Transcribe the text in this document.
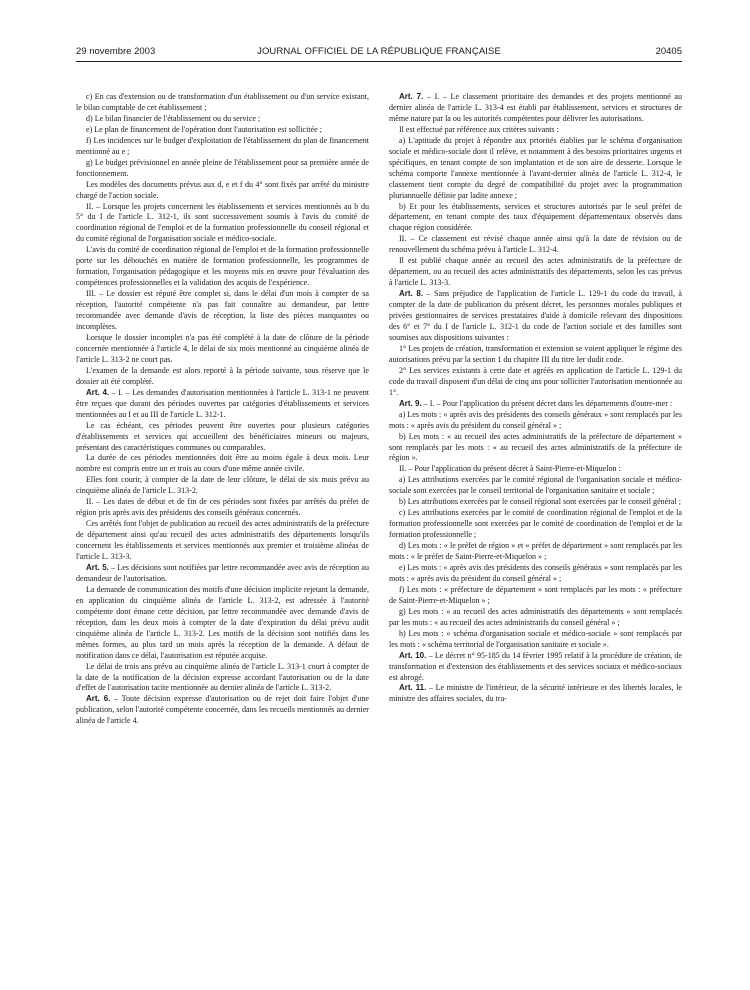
29 novembre 2003	JOURNAL OFFICIEL DE LA RÉPUBLIQUE FRANÇAISE	20405

c) En cas d'extension ou de transformation d'un établissement ou d'un service existant, le bilan comptable de cet établissement ;

d) Le bilan financier de l'établissement ou du service ;

e) Le plan de financement de l'opération dont l'autorisation est sollicitée ;

f) Les incidences sur le budget d'exploitation de l'établissement du plan de financement mentionné au e ;

g) Le budget prévisionnel en année pleine de l'établissement pour sa première année de fonctionnement.

Les modèles des documents prévus aux d, e et f du 4° sont fixés par arrêté du ministre chargé de l'action sociale.

II. – Lorsque les projets concernent les établissements et services mentionnés au b du 5° du I de l'article L. 312-1, ils sont successivement soumis à l'avis du comité de coordination régional de l'emploi et de la formation professionnelle du conseil régional et du comité régional de l'organisation sociale et médico-sociale.

L'avis du comité de coordination régional de l'emploi et de la formation professionnelle porte sur les débouchés en matière de formation professionnelle, les programmes de formation, l'organisation pédagogique et les moyens mis en œuvre pour l'évaluation des compétences professionnelles et la validation des acquis de l'expérience.

III. – Le dossier est réputé être complet si, dans le délai d'un mois à compter de sa réception, l'autorité compétente n'a pas fait connaître au demandeur, par lettre recommandée avec demande d'avis de réception, la liste des pièces manquantes ou incomplètes.

Lorsque le dossier incomplet n'a pas été complété à la date de clôture de la période concernée mentionnée à l'article 4, le délai de six mois mentionné au cinquième alinéa de l'article L. 313-2 ne court pas.

L'examen de la demande est alors reporté à la période suivante, sous réserve que le dossier ait été complété.

Art. 4. – I. – Les demandes d'autorisation mentionnées à l'article L. 313-1 ne peuvent être reçues que durant des périodes ouvertes par catégories d'établissements et services mentionnées au I et au III de l'article L. 312-1.

Le cas échéant, ces périodes peuvent être ouvertes pour plusieurs catégories d'établissements et services qui accueillent des bénéficiaires mineurs ou majeurs, présentant des caractéristiques communes ou comparables.

La durée de ces périodes mentionnées doit être au moins égale à deux mois. Leur nombre est compris entre un et trois au cours d'une même année civile.

Elles font courir, à compter de la date de leur clôture, le délai de six mois prévu au cinquième alinéa de l'article L. 313-2.

II. – Les dates de début et de fin de ces périodes sont fixées par arrêtés du préfet de région pris après avis des présidents des conseils généraux concernés.

Ces arrêtés font l'objet de publication au recueil des actes administratifs de la préfecture de département ainsi qu'au recueil des actes administratifs des départements lorsqu'ils concernent les établissements et services mentionnés aux premier et troisième alinéas de l'article L. 313-3.

Art. 5. – Les décisions sont notifiées par lettre recommandée avec avis de réception au demandeur de l'autorisation.

La demande de communication des motifs d'une décision implicite rejetant la demande, en application du cinquième alinéa de l'article L. 313-2, est adressée à l'autorité compétente dont émane cette décision, par lettre recommandée avec demande d'avis de réception, dans les deux mois à compter de la date d'expiration du délai prévu audit cinquième alinéa de l'article L. 313-2. Les motifs de la décision sont notifiés dans les mêmes formes, au plus tard un mois après la réception de la demande. A défaut de notification dans ce délai, l'autorisation est réputée acquise.

Le délai de trois ans prévu au cinquième alinéa de l'article L. 313-1 court à compter de la date de la notification de la décision expresse accordant l'autorisation ou de la date d'effet de l'autorisation tacite mentionnée au dernier alinéa de l'article L. 313-2.

Art. 6. – Toute décision expresse d'autorisation ou de rejet doit faire l'objet d'une publication, selon l'autorité compétente concernée, dans les recueils mentionnés au dernier alinéa de l'article 4.

Art. 7. – I. – Le classement prioritaire des demandes et des projets mentionné au dernier alinéa de l'article L. 313-4 est établi par établissement, services et structures de même nature par la ou les autorités compétentes pour délivrer les autorisations.

Il est effectué par référence aux critères suivants :

a) L'aptitude du projet à répondre aux priorités établies par le schéma d'organisation sociale et médico-sociale dont il relève, et notamment à des besoins prioritaires urgents et spécifiques, en tenant compte de son implantation et de son aire de desserte. Lorsque le schéma comporte l'annexe mentionnée à l'avant-dernier alinéa de l'article L. 312-4, le classement tient compte du degré de compatibilité du projet avec la programmation pluriannuelle définie par ladite annexe ;

b) Et pour les établissements, services et structures autorisés par le seul préfet de département, en tenant compte des taux d'équipement départementaux observés dans chaque région considérée.

II. – Ce classement est révisé chaque année ainsi qu'à la date de révision ou de renouvellement du schéma prévu à l'article L. 312-4.

Il est publié chaque année au recueil des actes administratifs de la préfecture de département, ou au recueil des actes administratifs des départements, selon les cas prévus à l'article L. 313-3.

Art. 8. – Sans préjudice de l'application de l'article L. 129-1 du code du travail, à compter de la date de publication du présent décret, les personnes morales publiques et privées gestionnaires de services prestataires d'aide à domicile relevant des dispositions des 6° et 7° du I de l'article L. 312-1 du code de l'action sociale et des familles sont soumises aux dispositions suivantes :

1° Les projets de création, transformation et extension se voient appliquer le régime des autorisations prévu par la section 1 du chapitre III du titre Ier dudit code.

2° Les services existants à cette date et agréés en application de l'article L. 129-1 du code du travail disposent d'un délai de cinq ans pour solliciter l'autorisation mentionnée au 1°.

Art. 9. – I. – Pour l'application du présent décret dans les départements d'outre-mer :

a) Les mots : « après avis des présidents des conseils généraux » sont remplacés par les mots : « après avis du président du conseil général » ;

b) Les mots : « au recueil des actes administratifs de la préfecture de département » sont remplacés par les mots : « au recueil des actes administratifs de la préfecture de région ».

II. – Pour l'application du présent décret à Saint-Pierre-et-Miquelon :

a) Les attributions exercées par le comité régional de l'organisation sociale et médico-sociale sont exercées par le conseil territorial de l'organisation sanitaire et sociale ;

b) Les attributions exercées par le conseil régional sont exercées par le conseil général ;

c) Les attributions exercées par le comité de coordination régional de l'emploi et de la formation professionnelle sont exercées par le comité de coordination de l'emploi et de la formation professionnelle ;

d) Les mots : « le préfet de région » et « préfet de département » sont remplacés par les mots : « le préfet de Saint-Pierre-et-Miquelon » ;

e) Les mots : « après avis des présidents des conseils généraux » sont remplacés par les mots : « après avis du président du conseil général » ;

f) Les mots : « préfecture de département » sont remplacés par les mots : « préfecture de Saint-Pierre-et-Miquelon » ;

g) Les mots : « au recueil des actes administratifs des départements » sont remplacés par les mots : « au recueil des actes administratifs du conseil général » ;

h) Les mots : « schéma d'organisation sociale et médico-sociale » sont remplacés par les mots : « schéma territorial de l'organisation sanitaire et sociale ».

Art. 10. – Le décret n° 95-185 du 14 février 1995 relatif à la procédure de création, de transformation et d'extension des établissements et des services sociaux et médico-sociaux est abrogé.

Art. 11. – Le ministre de l'intérieur, de la sécurité intérieure et des libertés locales, le ministre des affaires sociales, du tra-
